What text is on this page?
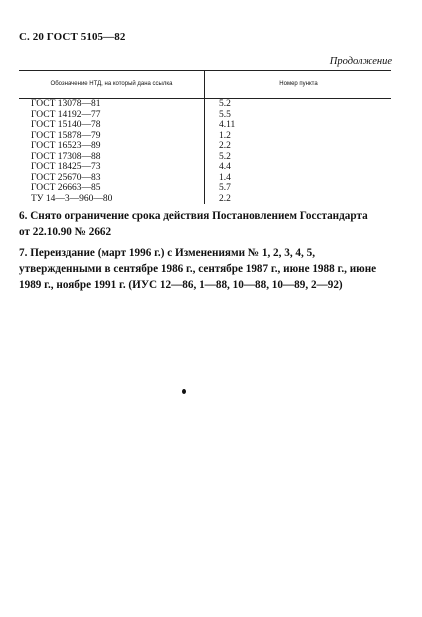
С. 20 ГОСТ 5105—82
Продолжение
Обозначение НТД, на который дана ссылка	Номер пункта
ГОСТ 13078—81	5.2
ГОСТ 14192—77	5.5
ГОСТ 15140—78	4.11
ГОСТ 15878—79	1.2
ГОСТ 16523—89	2.2
ГОСТ 17308—88	5.2
ГОСТ 18425—73	4.4
ГОСТ 25670—83	1.4
ГОСТ 26663—85	5.7
ТУ 14—3—960—80	2.2
6. Снято ограничение срока действия Постановлением Госстандарта
от 22.10.90 № 2662
7. Переиздание (март 1996 г.) с Изменениями № 1, 2, 3, 4, 5,
утвержденными в сентябре 1986 г., сентябре 1987 г., июне 1988 г., июне
1989 г., ноябре 1991 г. (ИУС 12—86, 1—88, 10—88, 10—89, 2—92)
